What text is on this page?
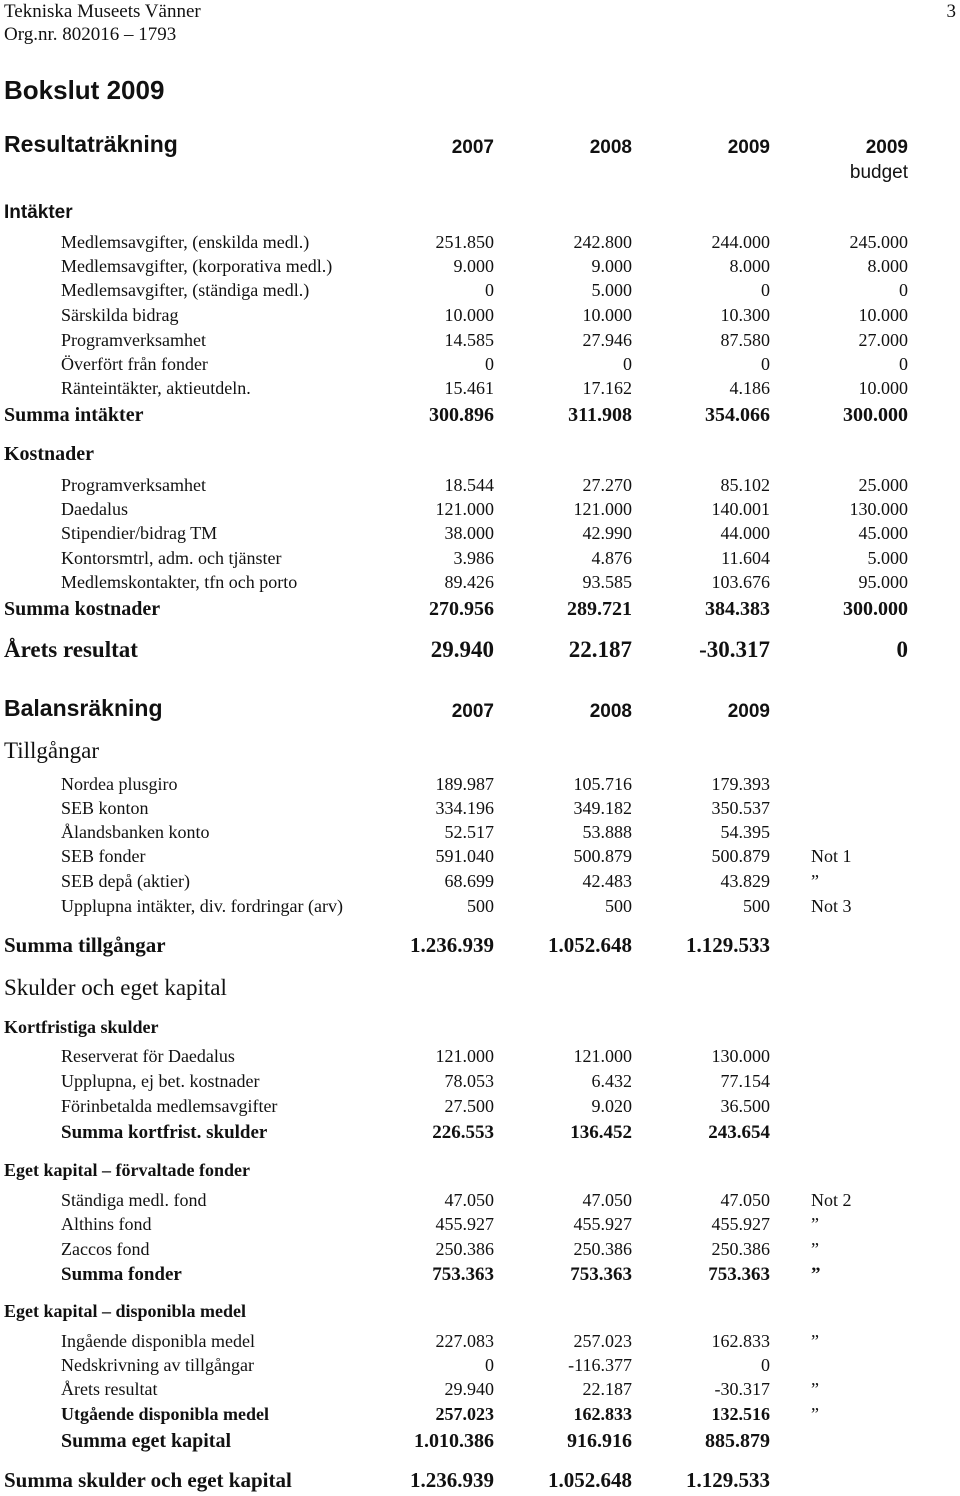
Tekniska Museets Vänner
Org.nr. 802016 – 1793
3
Bokslut 2009
Resultaträkning	2007	2008	2009	2009
budget
Intäkter
Medlemsavgifter, (enskilda medl.)	251.850	242.800	244.000	245.000
Medlemsavgifter, (korporativa medl.)	9.000	9.000	8.000	8.000
Medlemsavgifter, (ständiga medl.)	0	5.000	0	0
Särskilda bidrag	10.000	10.000	10.300	10.000
Programverksamhet	14.585	27.946	87.580	27.000
Överfört från fonder	0	0	0	0
Ränteintäkter, aktieutdeln.	15.461	17.162	4.186	10.000
Summa intäkter	300.896	311.908	354.066	300.000
Kostnader
Programverksamhet	18.544	27.270	85.102	25.000
Daedalus	121.000	121.000	140.001	130.000
Stipendier/bidrag TM	38.000	42.990	44.000	45.000
Kontorsmtrl, adm. och tjänster	3.986	4.876	11.604	5.000
Medlemskontakter, tfn och porto	89.426	93.585	103.676	95.000
Summa kostnader	270.956	289.721	384.383	300.000
Årets resultat	29.940	22.187	-30.317	0
Balansräkning	2007	2008	2009
Tillgångar
Nordea plusgiro	189.987	105.716	179.393
SEB konton	334.196	349.182	350.537
Ålandsbanken konto	52.517	53.888	54.395
SEB fonder	591.040	500.879	500.879 Not 1
SEB depå (aktier)	68.699	42.483	43.829 ”
Upplupna intäkter, div. fordringar (arv)	500	500	500 Not 3
Summa tillgångar	1.236.939	1.052.648	1.129.533
Skulder och eget kapital
Kortfristiga skulder
Reserverat för Daedalus	121.000	121.000	130.000
Upplupna, ej bet. kostnader	78.053	6.432	77.154
Förinbetalda medlemsavgifter	27.500	9.020	36.500
Summa kortfrist. skulder	226.553	136.452	243.654
Eget kapital – förvaltade fonder
Ständiga medl. fond	47.050	47.050	47.050 Not 2
Althins fond	455.927	455.927	455.927 ”
Zaccos fond	250.386	250.386	250.386 ”
Summa fonder	753.363	753.363	753.363 ”
Eget kapital – disponibla medel
Ingående disponibla medel	227.083	257.023	162.833 ”
Nedskrivning av tillgångar	0	-116.377	0
Årets resultat	29.940	22.187	-30.317 ”
Utgående disponibla medel	257.023	162.833	132.516 ”
Summa eget kapital	1.010.386	916.916	885.879
Summa skulder och eget kapital	1.236.939	1.052.648	1.129.533
